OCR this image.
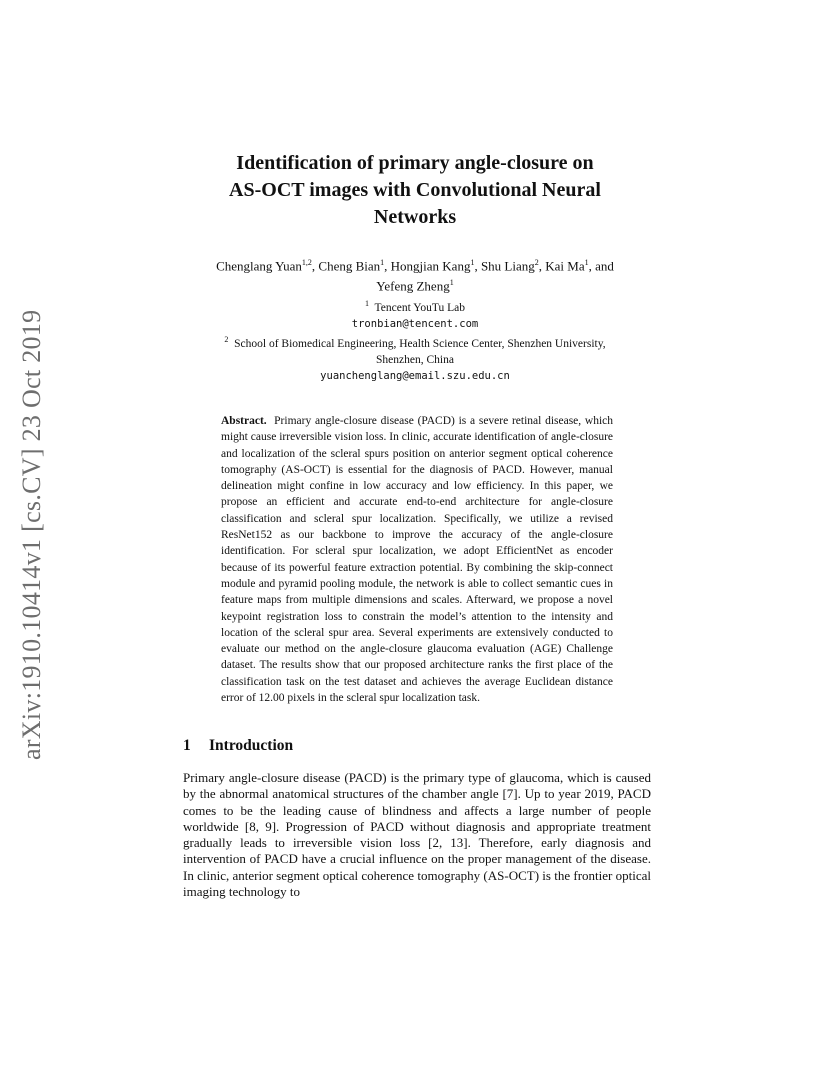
arXiv:1910.10414v1 [cs.CV] 23 Oct 2019
Identification of primary angle-closure on
AS-OCT images with Convolutional Neural
Networks
Chenglang Yuan$^{1,2}$, Cheng Bian$^1$, Hongjian Kang$^1$, Shu Liang$^2$, Kai Ma$^1$, and
Yefeng Zheng$^1$
$^1$ Tencent YouTu Lab
tronbian@tencent.com
$^2$ School of Biomedical Engineering, Health Science Center, Shenzhen University,
Shenzhen, China
yuanchenglang@email.szu.edu.cn
Abstract. Primary angle-closure disease (PACD) is a severe retinal disease, which might cause irreversible vision loss. In clinic, accurate identification of angle-closure and localization of the scleral spurs position on anterior segment optical coherence tomography (AS-OCT) is essential for the diagnosis of PACD. However, manual delineation might confine in low accuracy and low efficiency. In this paper, we propose an efficient and accurate end-to-end architecture for angle-closure classification and scleral spur localization. Specifically, we utilize a revised ResNet152 as our backbone to improve the accuracy of the angle-closure identification. For scleral spur localization, we adopt EfficientNet as encoder because of its powerful feature extraction potential. By combining the skip-connect module and pyramid pooling module, the network is able to collect semantic cues in feature maps from multiple dimensions and scales. Afterward, we propose a novel keypoint registration loss to constrain the model’s attention to the intensity and location of the scleral spur area. Several experiments are extensively conducted to evaluate our method on the angle-closure glaucoma evaluation (AGE) Challenge dataset. The results show that our proposed architecture ranks the first place of the classification task on the test dataset and achieves the average Euclidean distance error of 12.00 pixels in the scleral spur localization task.
1 Introduction
Primary angle-closure disease (PACD) is the primary type of glaucoma, which is caused by the abnormal anatomical structures of the chamber angle [7]. Up to year 2019, PACD comes to be the leading cause of blindness and affects a large number of people worldwide [8, 9]. Progression of PACD without diagnosis and appropriate treatment gradually leads to irreversible vision loss [2, 13]. Therefore, early diagnosis and intervention of PACD have a crucial influence on the proper management of the disease. In clinic, anterior segment optical coherence tomography (AS-OCT) is the frontier optical imaging technology to
